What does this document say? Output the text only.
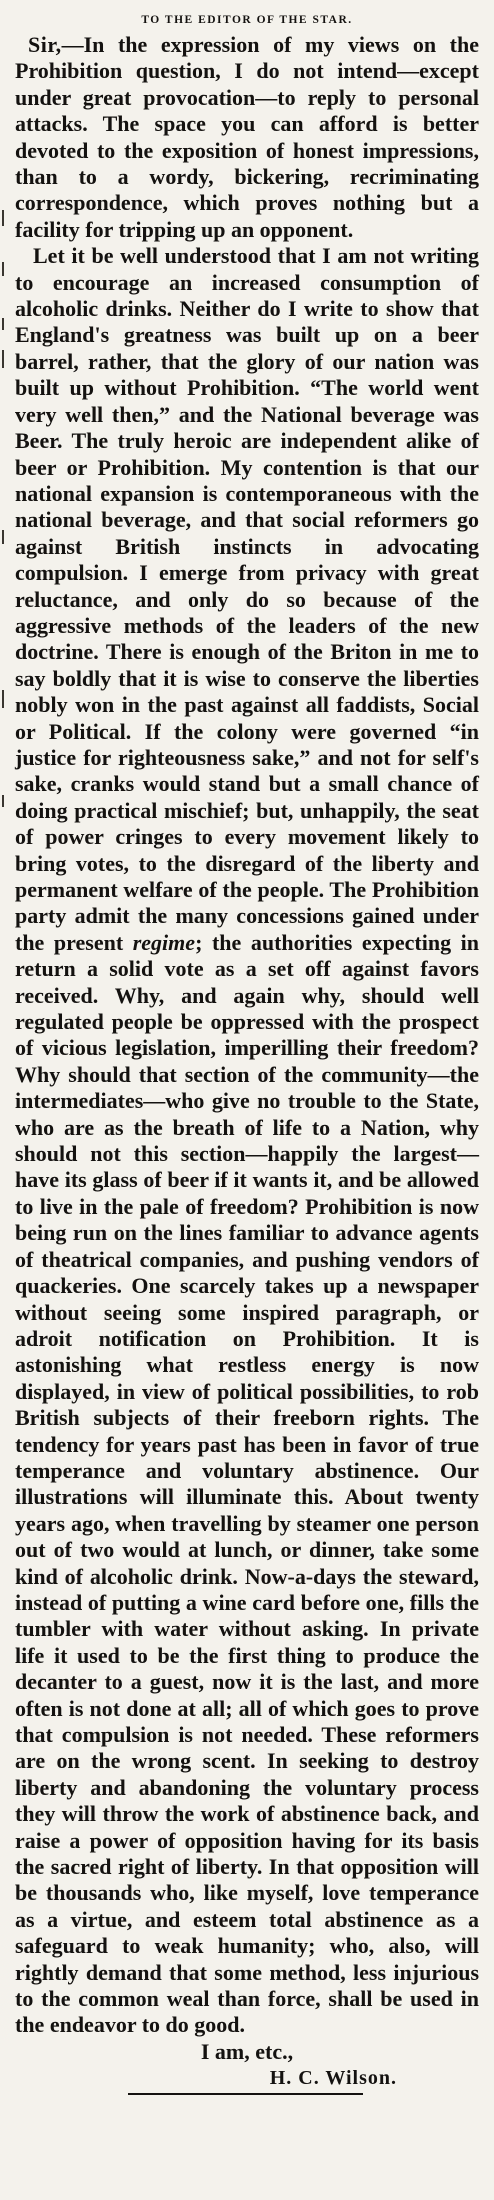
TO THE EDITOR OF THE STAR.

Sir,—In the expression of my views on the Prohibition question, I do not intend—except under great provocation—to reply to personal attacks. The space you can afford is better devoted to the exposition of honest impressions, than to a wordy, bickering, recriminating correspondence, which proves nothing but a facility for tripping up an opponent.

Let it be well understood that I am not writing to encourage an increased consumption of alcoholic drinks. Neither do I write to show that England's greatness was built up on a beer barrel, rather, that the glory of our nation was built up without Prohibition. “The world went very well then,” and the National beverage was Beer. The truly heroic are independent alike of beer or Prohibition. My contention is that our national expansion is contemporaneous with the national beverage, and that social reformers go against British instincts in advocating compulsion. I emerge from privacy with great reluctance, and only do so because of the aggressive methods of the leaders of the new doctrine. There is enough of the Briton in me to say boldly that it is wise to conserve the liberties nobly won in the past against all faddists, Social or Political. If the colony were governed “in justice for righteousness sake,” and not for self's sake, cranks would stand but a small chance of doing practical mischief; but, unhappily, the seat of power cringes to every movement likely to bring votes, to the disregard of the liberty and permanent welfare of the people. The Prohibition party admit the many concessions gained under the present regime; the authorities expecting in return a solid vote as a set off against favors received. Why, and again why, should well regulated people be oppressed with the prospect of vicious legislation, imperilling their freedom? Why should that section of the community—the intermediates—who give no trouble to the State, who are as the breath of life to a Nation, why should not this section—happily the largest—have its glass of beer if it wants it, and be allowed to live in the pale of freedom? Prohibition is now being run on the lines familiar to advance agents of theatrical companies, and pushing vendors of quackeries. One scarcely takes up a newspaper without seeing some inspired paragraph, or adroit notification on Prohibition. It is astonishing what restless energy is now displayed, in view of political possibilities, to rob British subjects of their freeborn rights. The tendency for years past has been in favor of true temperance and voluntary abstinence. Our illustrations will illuminate this. About twenty years ago, when travelling by steamer one person out of two would at lunch, or dinner, take some kind of alcoholic drink. Now-a-days the steward, instead of putting a wine card before one, fills the tumbler with water without asking. In private life it used to be the first thing to produce the decanter to a guest, now it is the last, and more often is not done at all; all of which goes to prove that compulsion is not needed. These reformers are on the wrong scent. In seeking to destroy liberty and abandoning the voluntary process they will throw the work of abstinence back, and raise a power of opposition having for its basis the sacred right of liberty. In that opposition will be thousands who, like myself, love temperance as a virtue, and esteem total abstinence as a safeguard to weak humanity; who, also, will rightly demand that some method, less injurious to the common weal than force, shall be used in the endeavor to do good.

I am, etc.,

H. C. Wilson.
